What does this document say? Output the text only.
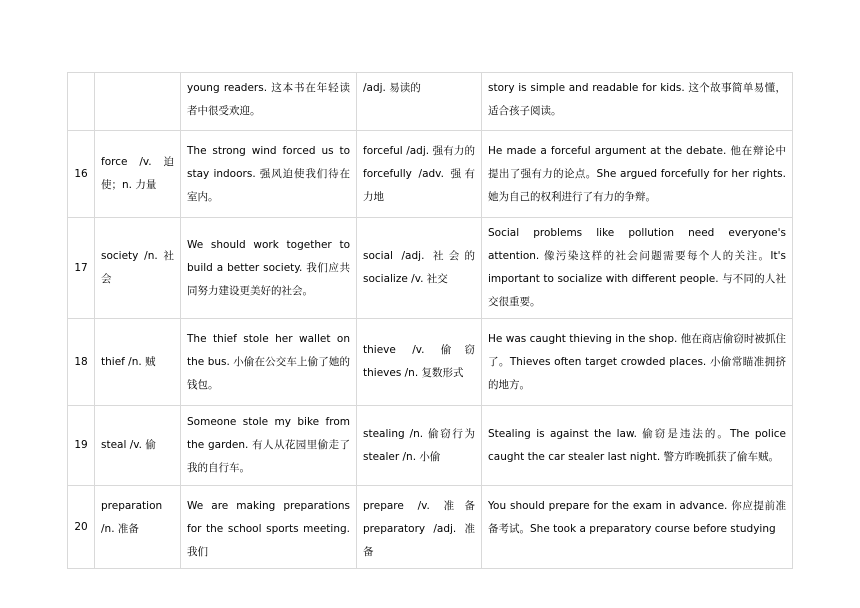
		young readers. 这本书在年轻读者中很受欢迎。	/adj. 易读的	story is simple and readable for kids. 这个故事简单易懂，适合孩子阅读。
16	force /v. 迫使；n. 力量	The strong wind forced us to stay indoors. 强风迫使我们待在室内。	forceful /adj. 强有力的 forcefully /adv. 强有力地	He made a forceful argument at the debate. 他在辩论中提出了强有力的论点。She argued forcefully for her rights. 她为自己的权利进行了有力的争辩。
17	society /n. 社会	We should work together to build a better society. 我们应共同努力建设更美好的社会。	social /adj. 社会的 socialize /v. 社交	Social problems like pollution need everyone's attention. 像污染这样的社会问题需要每个人的关注。It's important to socialize with different people. 与不同的人社交很重要。
18	thief /n. 贼	The thief stole her wallet on the bus. 小偷在公交车上偷了她的钱包。	thieve /v. 偷窃 thieves /n. 复数形式	He was caught thieving in the shop. 他在商店偷窃时被抓住了。Thieves often target crowded places. 小偷常瞄准拥挤的地方。
19	steal /v. 偷	Someone stole my bike from the garden. 有人从花园里偷走了我的自行车。	stealing /n. 偷窃行为 stealer /n. 小偷	Stealing is against the law. 偷窃是违法的。The police caught the car stealer last night. 警方昨晚抓获了偷车贼。
20	preparation /n. 准备	We are making preparations for the school sports meeting. 我们	prepare /v. 准备 preparatory /adj. 准备	You should prepare for the exam in advance. 你应提前准备考试。She took a preparatory course before studying
